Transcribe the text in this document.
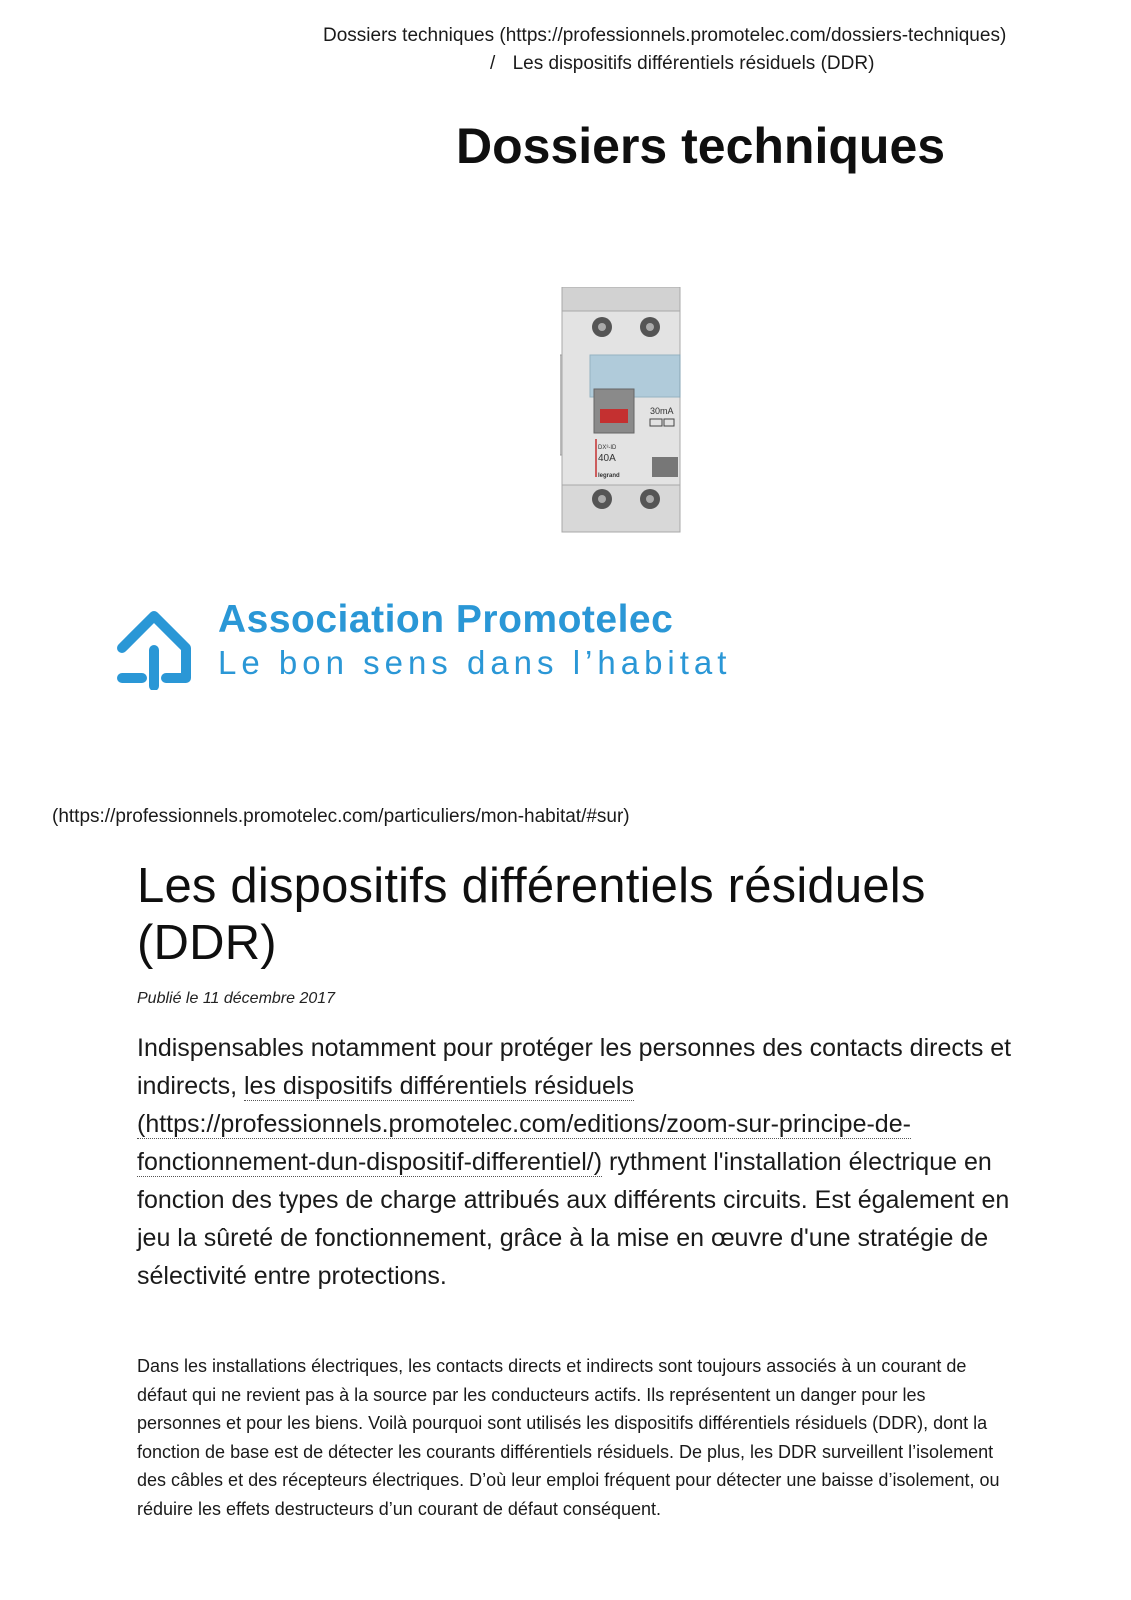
Dossiers techniques (https://professionnels.promotelec.com/dossiers-techniques)
/ Les dispositifs différentiels résiduels (DDR)
Dossiers techniques
30mA
DX³-ID
40A
legrand
Association Promotelec
Le bon sens dans l’habitat
(https://professionnels.promotelec.com/particuliers/mon-habitat/#sur)
Les dispositifs différentiels résiduels (DDR)
Publié le 11 décembre 2017

Indispensables notamment pour protéger les personnes des contacts directs et indirects, les dispositifs différentiels résiduels (https://professionnels.promotelec.com/editions/zoom-sur-principe-de-fonctionnement-dun-dispositif-differentiel/) rythment l'installation électrique en fonction des types de charge attribués aux différents circuits. Est également en jeu la sûreté de fonctionnement, grâce à la mise en œuvre d'une stratégie de sélectivité entre protections.

Dans les installations électriques, les contacts directs et indirects sont toujours associés à un courant de défaut qui ne revient pas à la source par les conducteurs actifs. Ils représentent un danger pour les personnes et pour les biens. Voilà pourquoi sont utilisés les dispositifs différentiels résiduels (DDR), dont la fonction de base est de détecter les courants différentiels résiduels. De plus, les DDR surveillent l’isolement des câbles et des récepteurs électriques. D’où leur emploi fréquent pour détecter une baisse d’isolement, ou réduire les effets destructeurs d’un courant de défaut conséquent.
